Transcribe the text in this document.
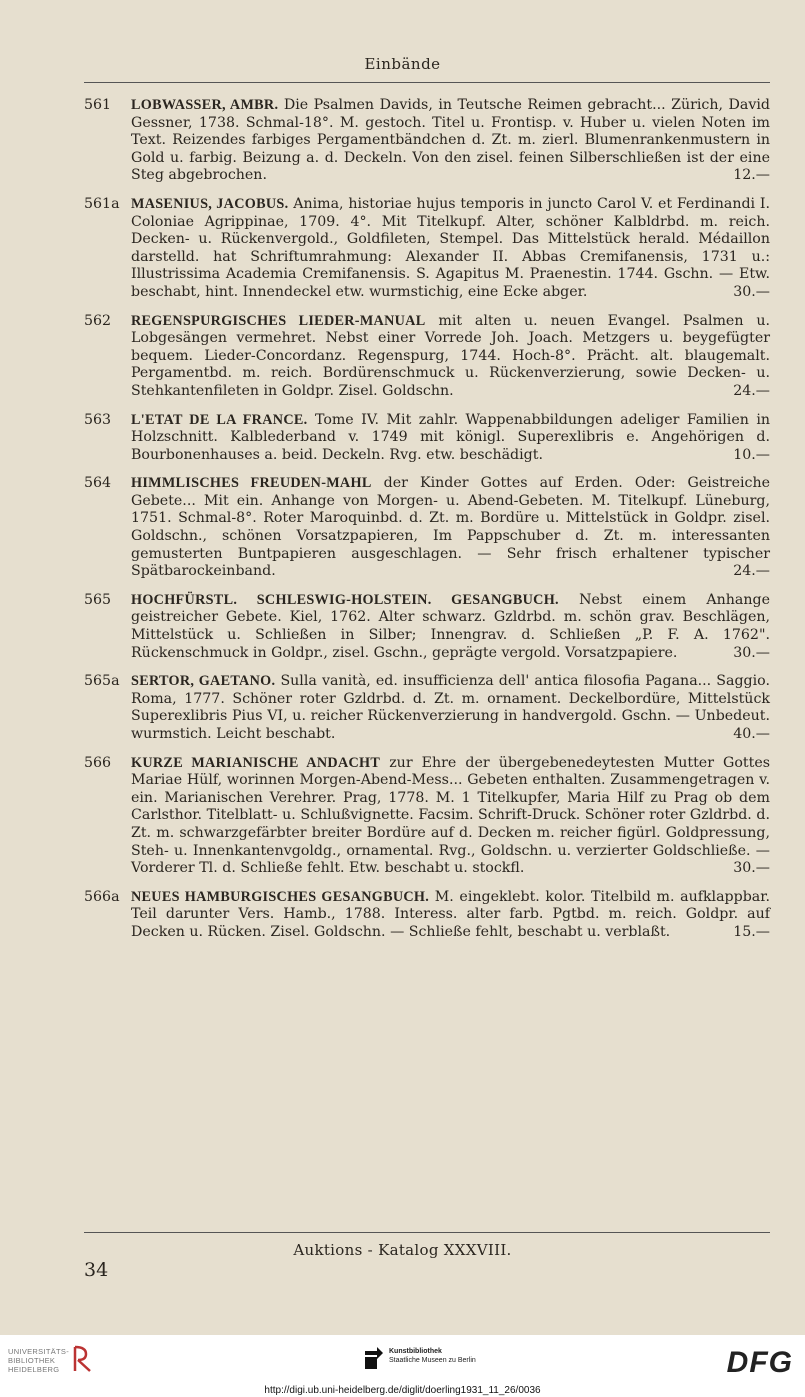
Einbände
561	LOBWASSER, AMBR. Die Psalmen Davids, in Teutsche Reimen gebracht... Zürich, David Gessner, 1738. Schmal-18°. M. gestoch. Titel u. Frontisp. v. Huber u. vielen Noten im Text. Reizendes farbiges Pergamentbändchen d. Zt. m. zierl. Blumenrankenmustern in Gold u. farbig. Beizung a. d. Deckeln. Von den zisel. feinen Silberschließen ist der eine Steg abgebrochen.	12.—
561a MASENIUS, JACOBUS. Anima, historiae hujus temporis in juncto Carol V. et Ferdinandi I. Coloniae Agrippinae, 1709. 4°. Mit Titelkupf. Alter, schöner Kalbldrbd. m. reich. Decken- u. Rückenvergold., Goldfileten, Stempel. Das Mittelstück herald. Médaillon darstelld. hat Schriftumrahmung: Alexander II. Abbas Cremifanensis, 1731 u.: Illustrissima Academia Cremifanensis. S. Agapitus M. Praenestin. 1744. Gschn. — Etw. beschabt, hint. Innendeckel etw. wurmstichig, eine Ecke abger.	30.—
562	REGENSPURGISCHES LIEDER-MANUAL mit alten u. neuen Evangel. Psalmen u. Lobgesängen vermehret. Nebst einer Vorrede Joh. Joach. Metzgers u. beygefügter bequem. Lieder-Concordanz. Regenspurg, 1744. Hoch-8°. Prächt. alt. blaugemalt. Pergamentbd. m. reich. Bordürenschmuck u. Rückenverzierung, sowie Decken- u. Stehkantenfileten in Goldpr. Zisel. Goldschn.	24.—
563	L'ETAT DE LA FRANCE. Tome IV. Mit zahlr. Wappenabbildungen adeliger Familien in Holzschnitt. Kalblederband v. 1749 mit königl. Superexlibris e. Angehörigen d. Bourbonenhauses a. beid. Deckeln. Rvg. etw. beschädigt.	10.—
564	HIMMLISCHES FREUDEN-MAHL der Kinder Gottes auf Erden. Oder: Geistreiche Gebete... Mit ein. Anhange von Morgen- u. Abend-Gebeten. M. Titelkupf. Lüneburg, 1751. Schmal-8°. Roter Maroquinbd. d. Zt. m. Bordüre u. Mittelstück in Goldpr. zisel. Goldschn., schönen Vorsatzpapieren, Im Pappschuber d. Zt. m. interessanten gemusterten Buntpapieren ausgeschlagen. — Sehr frisch erhaltener typischer Spätbarockeinband.	24.—
565	HOCHFÜRSTL. SCHLESWIG-HOLSTEIN. GESANGBUCH. Nebst einem Anhange geistreicher Gebete. Kiel, 1762. Alter schwarz. Gzldrbd. m. schön grav. Beschlägen, Mittelstück u. Schließen in Silber; Innengrav. d. Schließen „P. F. A. 1762". Rückenschmuck in Goldpr., zisel. Gschn., geprägte vergold. Vorsatzpapiere.	30.—
565a SERTOR, GAETANO. Sulla vanità, ed. insufficienza dell' antica filosofia Pagana... Saggio. Roma, 1777. Schöner roter Gzldrbd. d. Zt. m. ornament. Deckelbordüre, Mittelstück Superexlibris Pius VI, u. reicher Rückenverzierung in handvergold. Gschn. — Unbedeut. wurmstich. Leicht beschabt.	40.—
566	KURZE MARIANISCHE ANDACHT zur Ehre der übergebenedeytesten Mutter Gottes Mariae Hülf, worinnen Morgen-Abend-Mess... Gebeten enthalten. Zusammengetragen v. ein. Marianischen Verehrer. Prag, 1778. M. 1 Titelkupfer, Maria Hilf zu Prag ob dem Carlsthor. Titelblatt- u. Schlußvignette. Facsim. Schrift-Druck. Schöner roter Gzldrbd. d. Zt. m. schwarzgefärbter breiter Bordüre auf d. Decken m. reicher figürl. Goldpressung, Steh- u. Innenkantenvgoldg., ornamental. Rvg., Goldschn. u. verzierter Goldschließe. — Vorderer Tl. d. Schließe fehlt. Etw. beschabt u. stockfl.	30.—
566a NEUES HAMBURGISCHES GESANGBUCH. M. eingeklebt. kolor. Titelbild m. aufklappbar. Teil darunter Vers. Hamb., 1788. Interess. alter farb. Pgtbd. m. reich. Goldpr. auf Decken u. Rücken. Zisel. Goldschn. — Schließe fehlt, beschabt u. verblaßt.	15.—
Auktions - Katalog XXXVIII.
34
UNIVERSITÄTS-
BIBLIOTHEK
HEIDELBERG
Kunstbibliothek
Staatliche Museen zu Berlin	DFG
http://digi.ub.uni-heidelberg.de/diglit/doerling1931_11_26/0036
